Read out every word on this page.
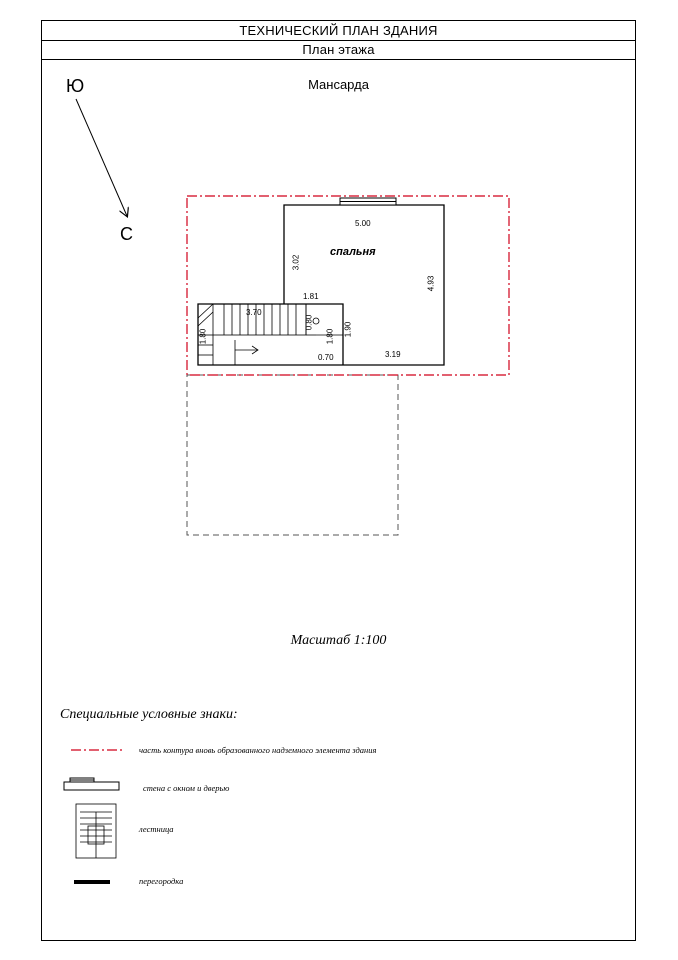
ТЕХНИЧЕСКИЙ ПЛАН ЗДАНИЯ
План этажа
Мансарда
Масштаб 1:100
Специальные условные знаки:
Ю
С
5.00
3.02
спальня
4.93
1.81
3.70
1.80
0.80
1.80 1.90
0.70	3.19
часть контура вновь образованного надземного элемента здания
стена с окном и дверью
лестница
перегородка
